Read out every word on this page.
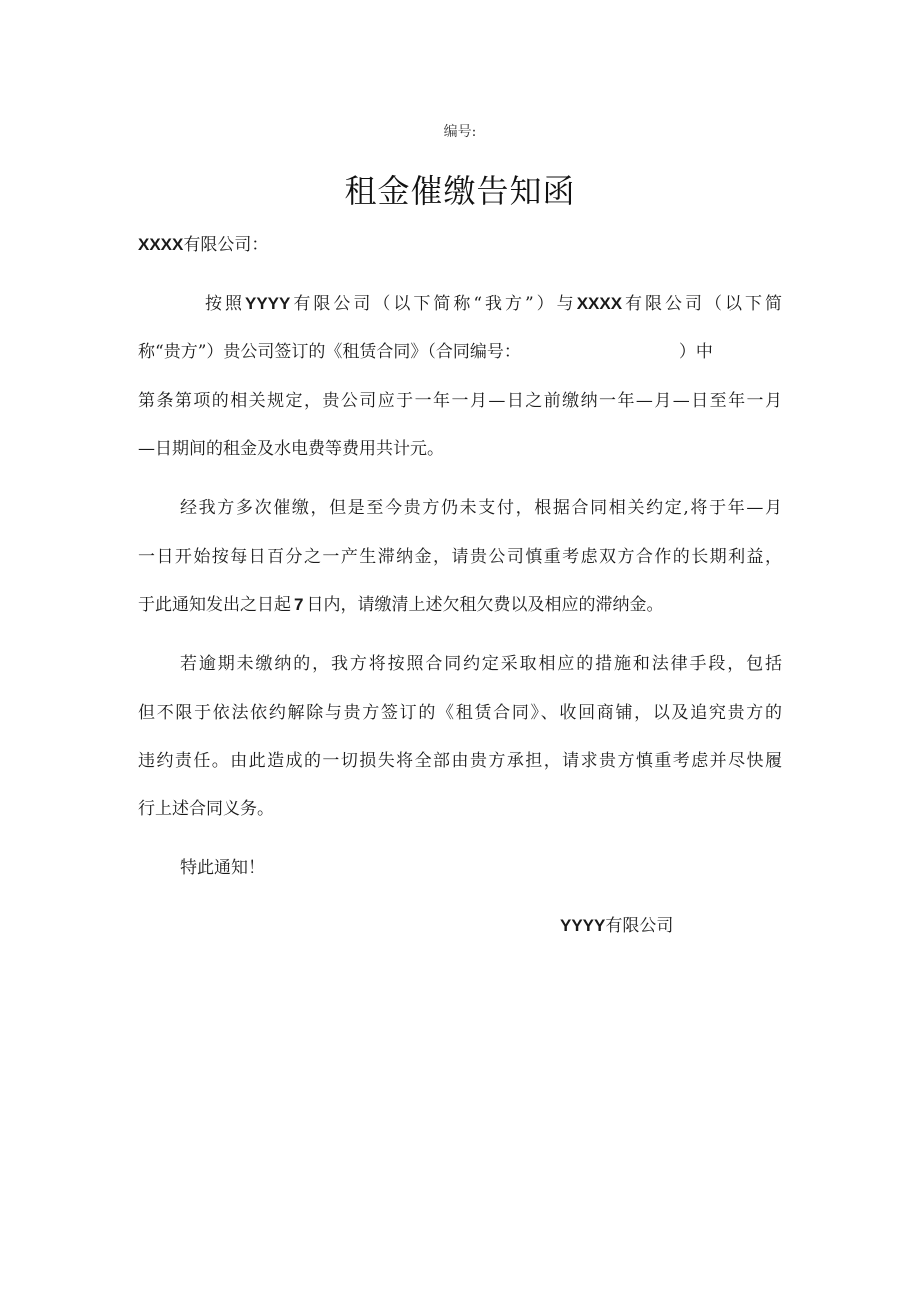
编号:
租金催缴告知函
XXXX有限公司：
按照YYYY有限公司（以下简称“我方”）与XXXX有限公司（以下简
称“贵方”）贵公司签订的《租赁合同》（合同编号：	）中
第条第项的相关规定，贵公司应于一年一月—日之前缴纳一年—月—日至年一月
—日期间的租金及水电费等费用共计元。
经我方多次催缴，但是至今贵方仍未支付，根据合同相关约定,将于年—月
一日开始按每日百分之一产生滞纳金，请贵公司慎重考虑双方合作的长期利益，
于此通知发出之日起 7 日内，请缴清上述欠租欠费以及相应的滞纳金。
若逾期未缴纳的，我方将按照合同约定采取相应的措施和法律手段，包括
但不限于依法依约解除与贵方签订的《租赁合同》、收回商铺，以及追究贵方的
违约责任。由此造成的一切损失将全部由贵方承担，请求贵方慎重考虑并尽快履
行上述合同义务。
特此通知！
YYYY有限公司
